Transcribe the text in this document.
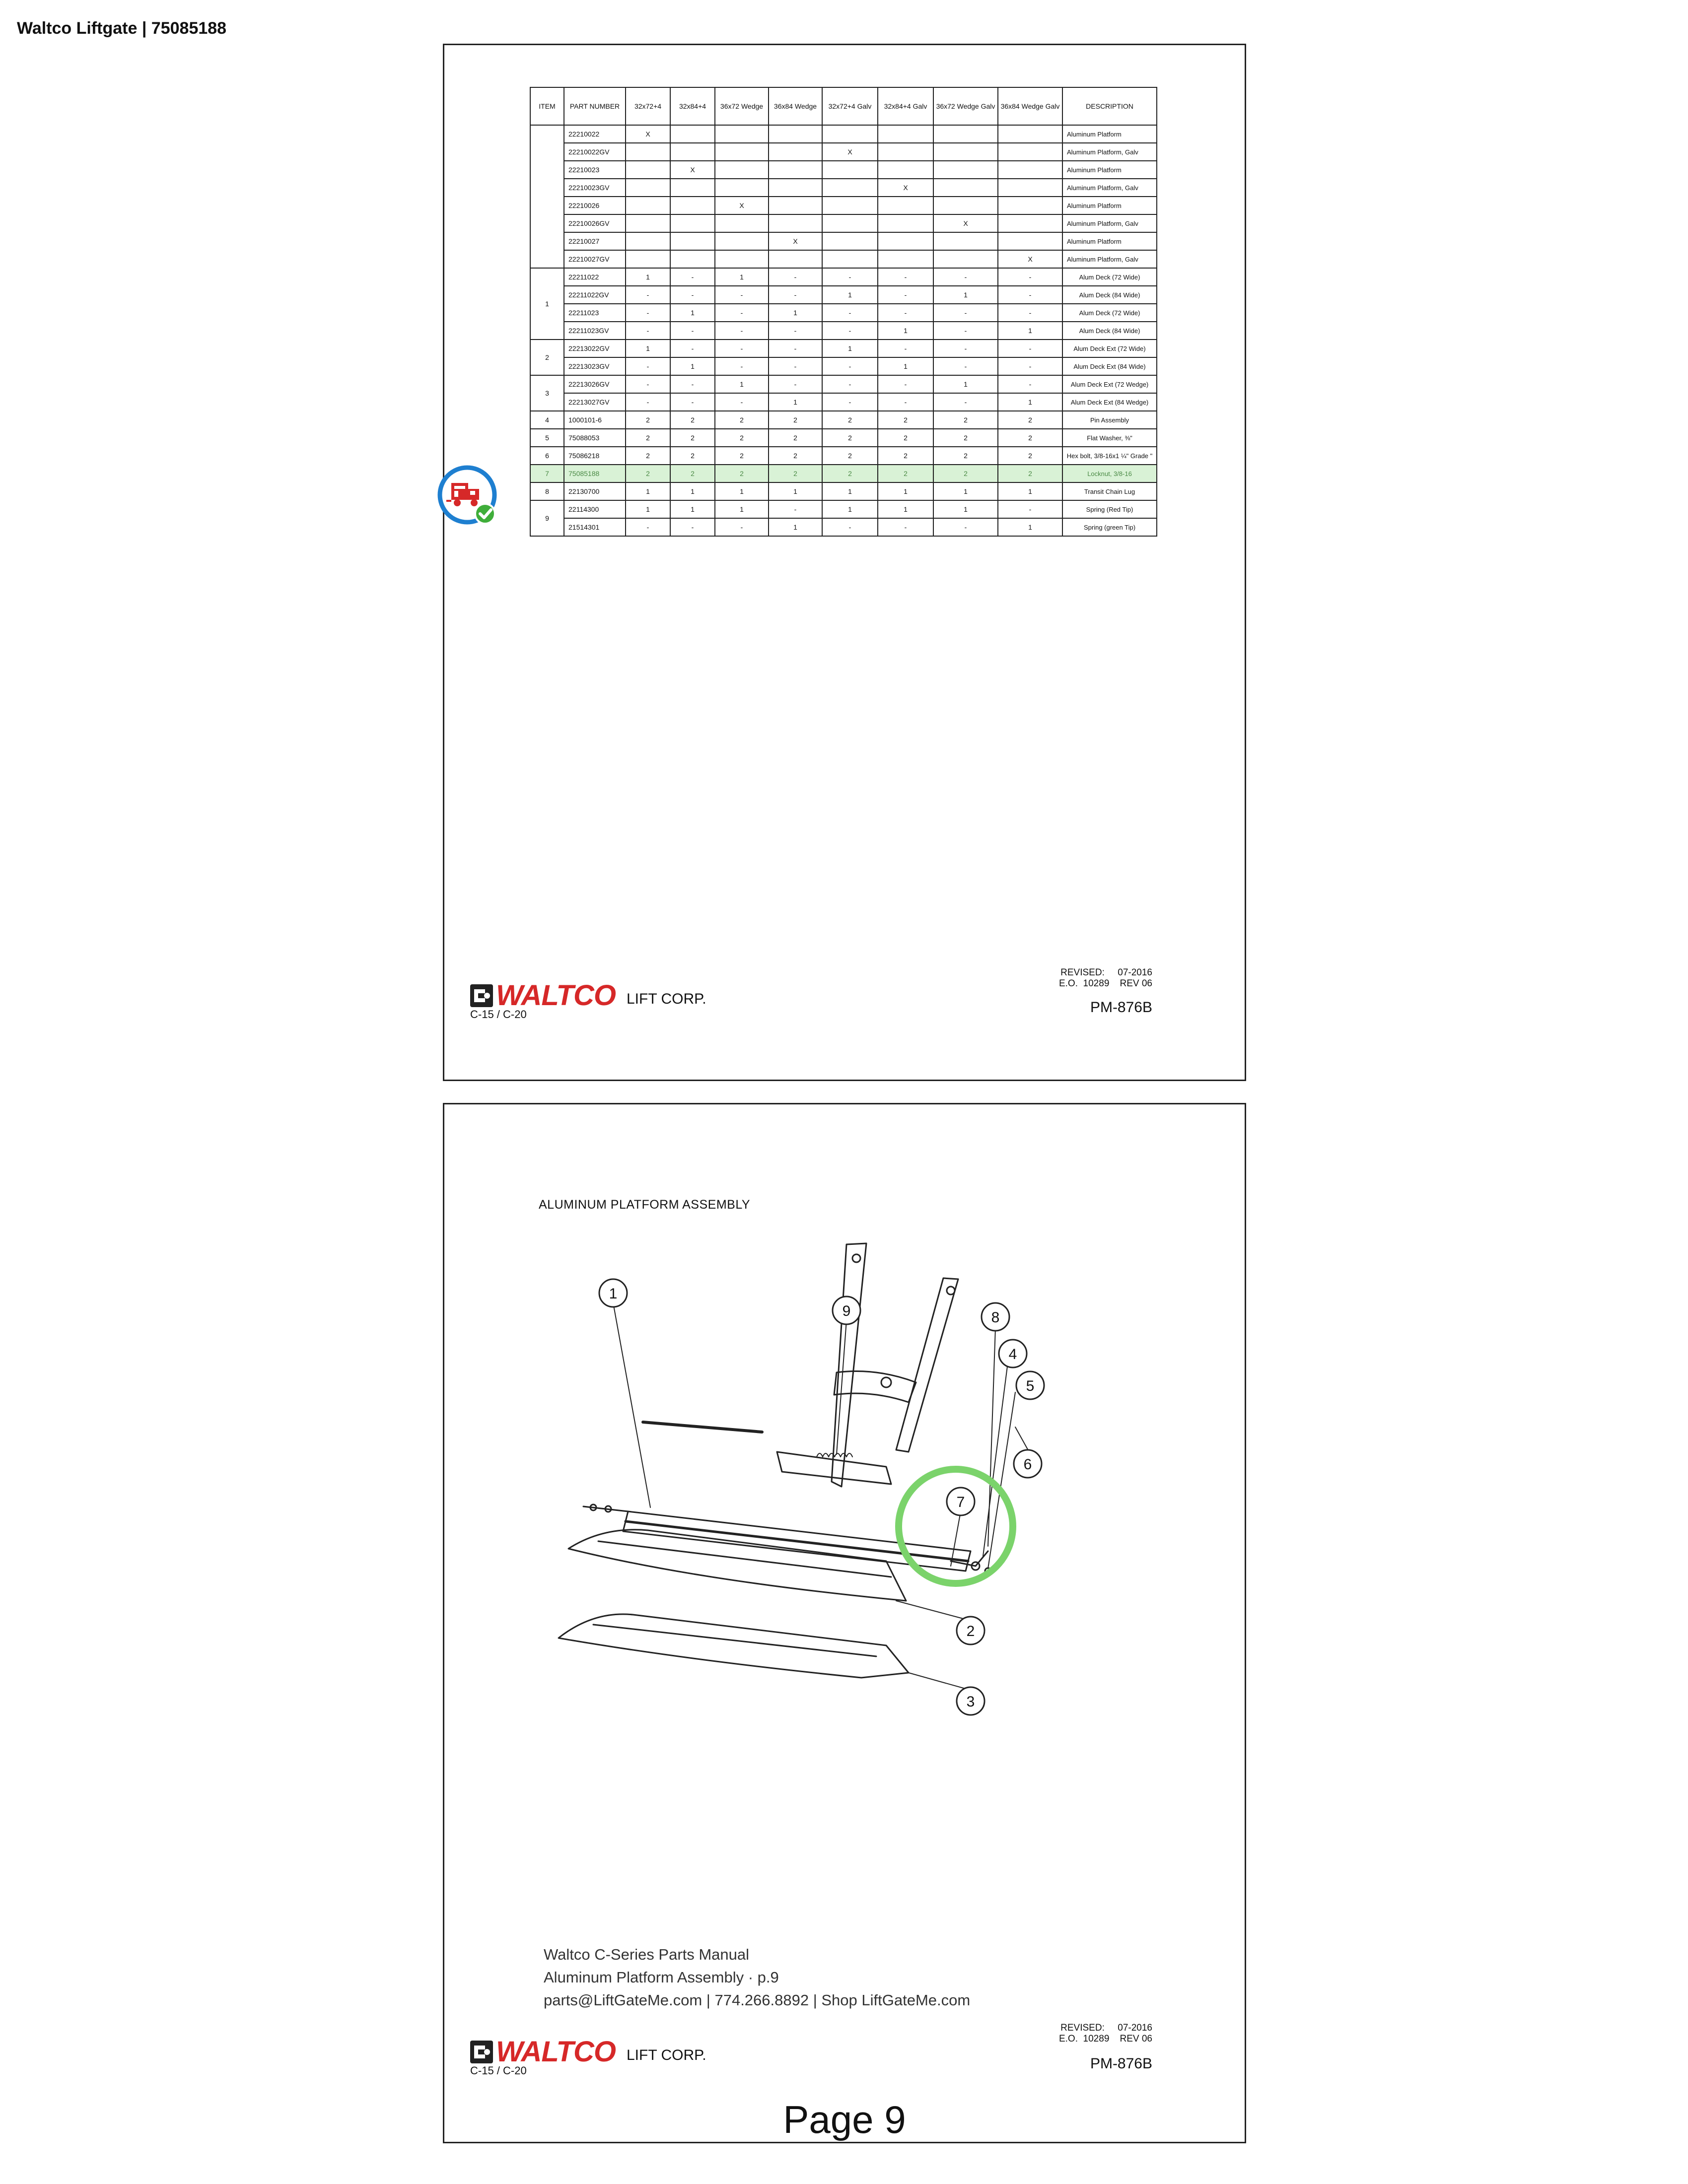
Waltco Liftgate | 75085188
ITEM	PART NUMBER	32x72+4	32x84+4	36x72 Wedge	36x84 Wedge	32x72+4 Galv	32x84+4 Galv	36x72 Wedge Galv	36x84 Wedge Galv	DESCRIPTION
	22210022	X								Aluminum Platform
	22210022GV					X				Aluminum Platform, Galv
	22210023		X							Aluminum Platform
	22210023GV						X			Aluminum Platform, Galv
	22210026			X						Aluminum Platform
	22210026GV							X		Aluminum Platform, Galv
	22210027				X					Aluminum Platform
	22210027GV								X	Aluminum Platform, Galv
1	22211022	1	-	1	-	-	-	-	-	Alum Deck (72 Wide)
	22211022GV	-	-	-	-	1	-	1	-	Alum Deck (84 Wide)
	22211023	-	1	-	1	-	-	-	-	Alum Deck (72 Wide)
	22211023GV	-	-	-	-	-	1	-	1	Alum Deck (84 Wide)
2	22213022GV	1	-	-	-	1	-	-	-	Alum Deck Ext (72 Wide)
	22213023GV	-	1	-	-	-	1	-	-	Alum Deck Ext (84 Wide)
3	22213026GV	-	-	1	-	-	-	1	-	Alum Deck Ext (72 Wedge)
	22213027GV	-	-	-	1	-	-	-	1	Alum Deck Ext (84 Wedge)
4	1000101-6	2	2	2	2	2	2	2	2	Pin Assembly
5	75088053	2	2	2	2	2	2	2	2	Flat Washer, ⅜"
6	75086218	2	2	2	2	2	2	2	2	Hex bolt, 3/8-16x1 ¼" Grade "
7	75085188	2	2	2	2	2	2	2	2	Locknut, 3/8-16
8	22130700	1	1	1	1	1	1	1	1	Transit Chain Lug
9	22114300	1	1	1	-	1	1	1	-	Spring (Red Tip)
	21514301	-	-	-	1	-	-	-	1	Spring (green Tip)
WALTCO LIFT CORP.
C-15 / C-20
REVISED: 07-2016
E.O. 10289 REV 06
PM-876B
ALUMINUM PLATFORM ASSEMBLY
1
9	8
4
5
7
6
2
3
Waltco C-Series Parts Manual
Aluminum Platform Assembly · p.9
parts@LiftGateMe.com | 774.266.8892 | Shop LiftGateMe.com
WALTCO LIFT CORP.
C-15 / C-20
REVISED: 07-2016
E.O. 10289 REV 06
PM-876B
Page 9
